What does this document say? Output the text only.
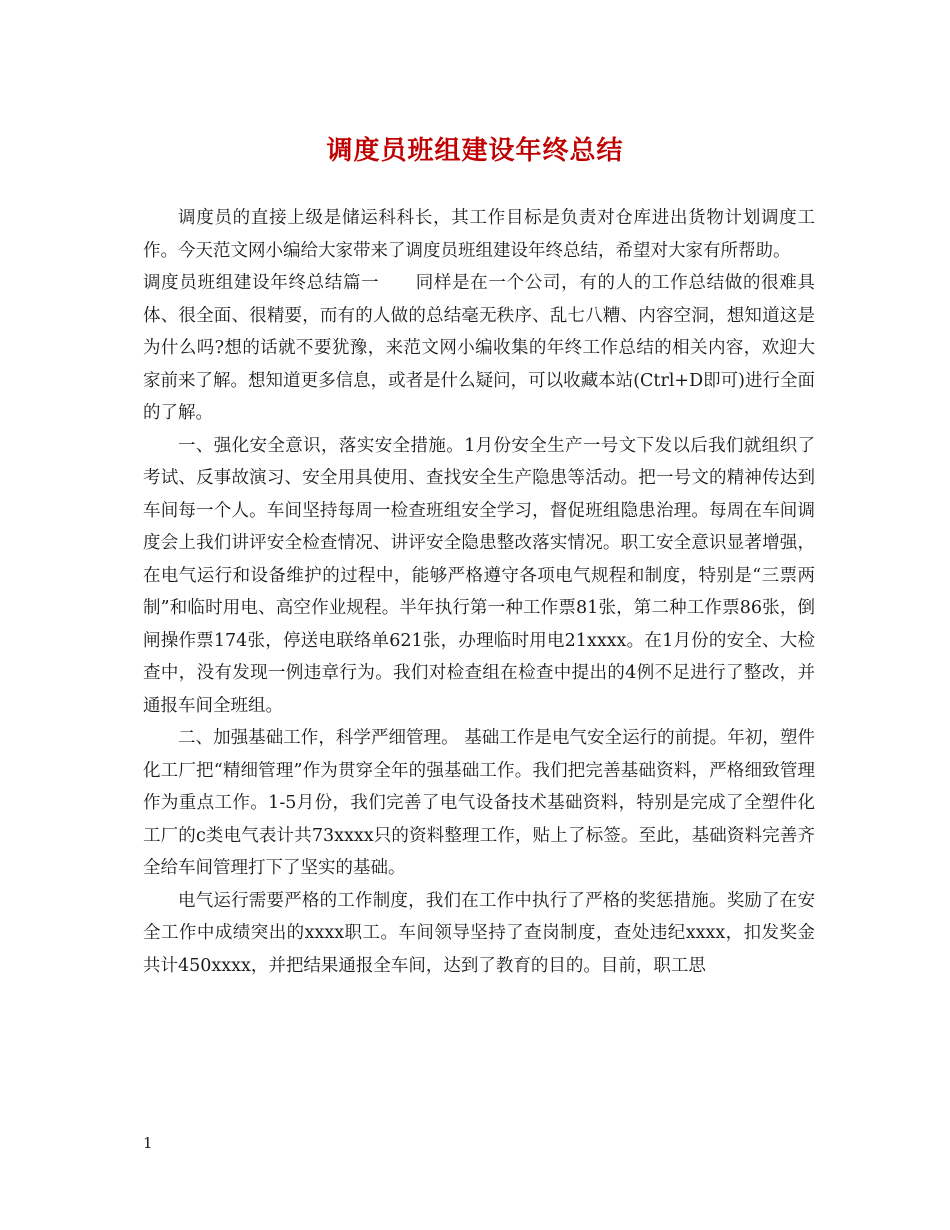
调度员班组建设年终总结

调度员的直接上级是储运科科长，其工作目标是负责对仓库进出货物计划调度工作。今天范文网小编给大家带来了调度员班组建设年终总结，希望对大家有所帮助。

调度员班组建设年终总结篇一　　同样是在一个公司，有的人的工作总结做的很难具体、很全面、很精要，而有的人做的总结毫无秩序、乱七八糟、内容空洞，想知道这是为什么吗?想的话就不要犹豫，来范文网小编收集的年终工作总结的相关内容，欢迎大家前来了解。想知道更多信息，或者是什么疑问，可以收藏本站(Ctrl+D即可)进行全面的了解。

一、强化安全意识，落实安全措施。1月份安全生产一号文下发以后我们就组织了考试、反事故演习、安全用具使用、查找安全生产隐患等活动。把一号文的精神传达到车间每一个人。车间坚持每周一检查班组安全学习，督促班组隐患治理。每周在车间调度会上我们讲评安全检查情况、讲评安全隐患整改落实情况。职工安全意识显著增强，在电气运行和设备维护的过程中，能够严格遵守各项电气规程和制度，特别是“三票两制”和临时用电、高空作业规程。半年执行第一种工作票81张，第二种工作票86张，倒闸操作票174张，停送电联络单621张，办理临时用电21xxxx。在1月份的安全、大检查中，没有发现一例违章行为。我们对检查组在检查中提出的4例不足进行了整改，并通报车间全班组。

二、加强基础工作，科学严细管理。 基础工作是电气安全运行的前提。年初，塑件化工厂把“精细管理”作为贯穿全年的强基础工作。我们把完善基础资料，严格细致管理作为重点工作。1-5月份，我们完善了电气设备技术基础资料，特别是完成了全塑件化工厂的c类电气表计共73xxxx只的资料整理工作，贴上了标签。至此，基础资料完善齐全给车间管理打下了坚实的基础。

电气运行需要严格的工作制度，我们在工作中执行了严格的奖惩措施。奖励了在安全工作中成绩突出的xxxx职工。车间领导坚持了查岗制度，查处违纪xxxx，扣发奖金共计450xxxx，并把结果通报全车间，达到了教育的目的。目前，职工思

1
